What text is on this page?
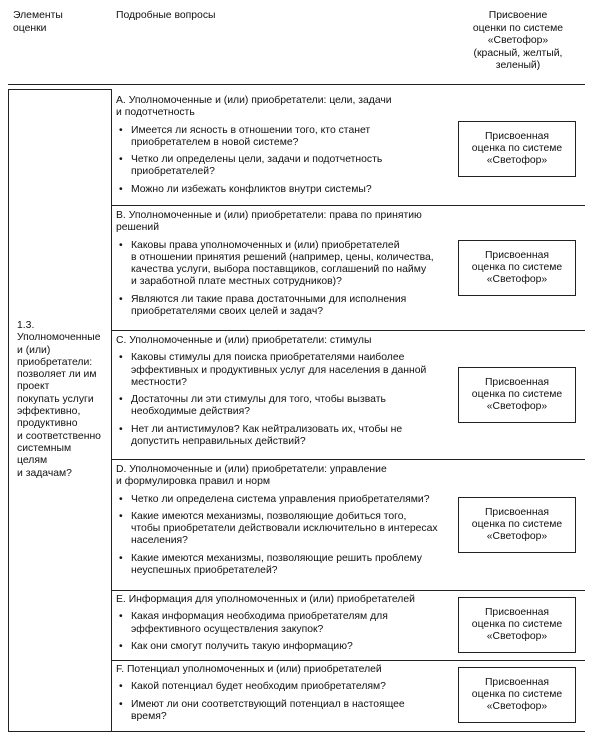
Элементы
оценки
Подробные вопросы	Присвоение
оценки по системе
«Светофор»
(красный, желтый,
зеленый)
1.3.
Уполномоченные
и (или)
приобретатели:
позволяет ли им
проект
покупать услуги
эффективно,
продуктивно
и соответственно
системным
целям
и задачам?
A. Уполномоченные и (или) приобретатели: цели, задачи
и подотчетность
• Имеется ли ясность в отношении того, кто станет
приобретателем в новой системе?
• Четко ли определены цели, задачи и подотчетность
приобретателей?
• Можно ли избежать конфликтов внутри системы?
Присвоенная
оценка по системе
«Светофор»
B. Уполномоченные и (или) приобретатели: права по принятию
решений
• Каковы права уполномоченных и (или) приобретателей
в отношении принятия решений (например, цены, количества,
качества услуги, выбора поставщиков, соглашений по найму
и заработной плате местных сотрудников)?
• Являются ли такие права достаточными для исполнения
приобретателями своих целей и задач?
Присвоенная
оценка по системе
«Светофор»
C. Уполномоченные и (или) приобретатели: стимулы
• Каковы стимулы для поиска приобретателями наиболее
эффективных и продуктивных услуг для населения в данной
местности?
• Достаточны ли эти стимулы для того, чтобы вызвать
необходимые действия?
• Нет ли антистимулов? Как нейтрализовать их, чтобы не
допустить неправильных действий?
Присвоенная
оценка по системе
«Светофор»
D. Уполномоченные и (или) приобретатели: управление
и формулировка правил и норм
• Четко ли определена система управления приобретателями?
• Какие имеются механизмы, позволяющие добиться того,
чтобы приобретатели действовали исключительно в интересах
населения?
• Какие имеются механизмы, позволяющие решить проблему
неуспешных приобретателей?
Присвоенная
оценка по системе
«Светофор»
E. Информация для уполномоченных и (или) приобретателей
• Какая информация необходима приобретателям для
эффективного осуществления закупок?
• Как они смогут получить такую информацию?
Присвоенная
оценка по системе
«Светофор»
F. Потенциал уполномоченных и (или) приобретателей
• Какой потенциал будет необходим приобретателям?
• Имеют ли они соответствующий потенциал в настоящее
время?
Присвоенная
оценка по системе
«Светофор»
